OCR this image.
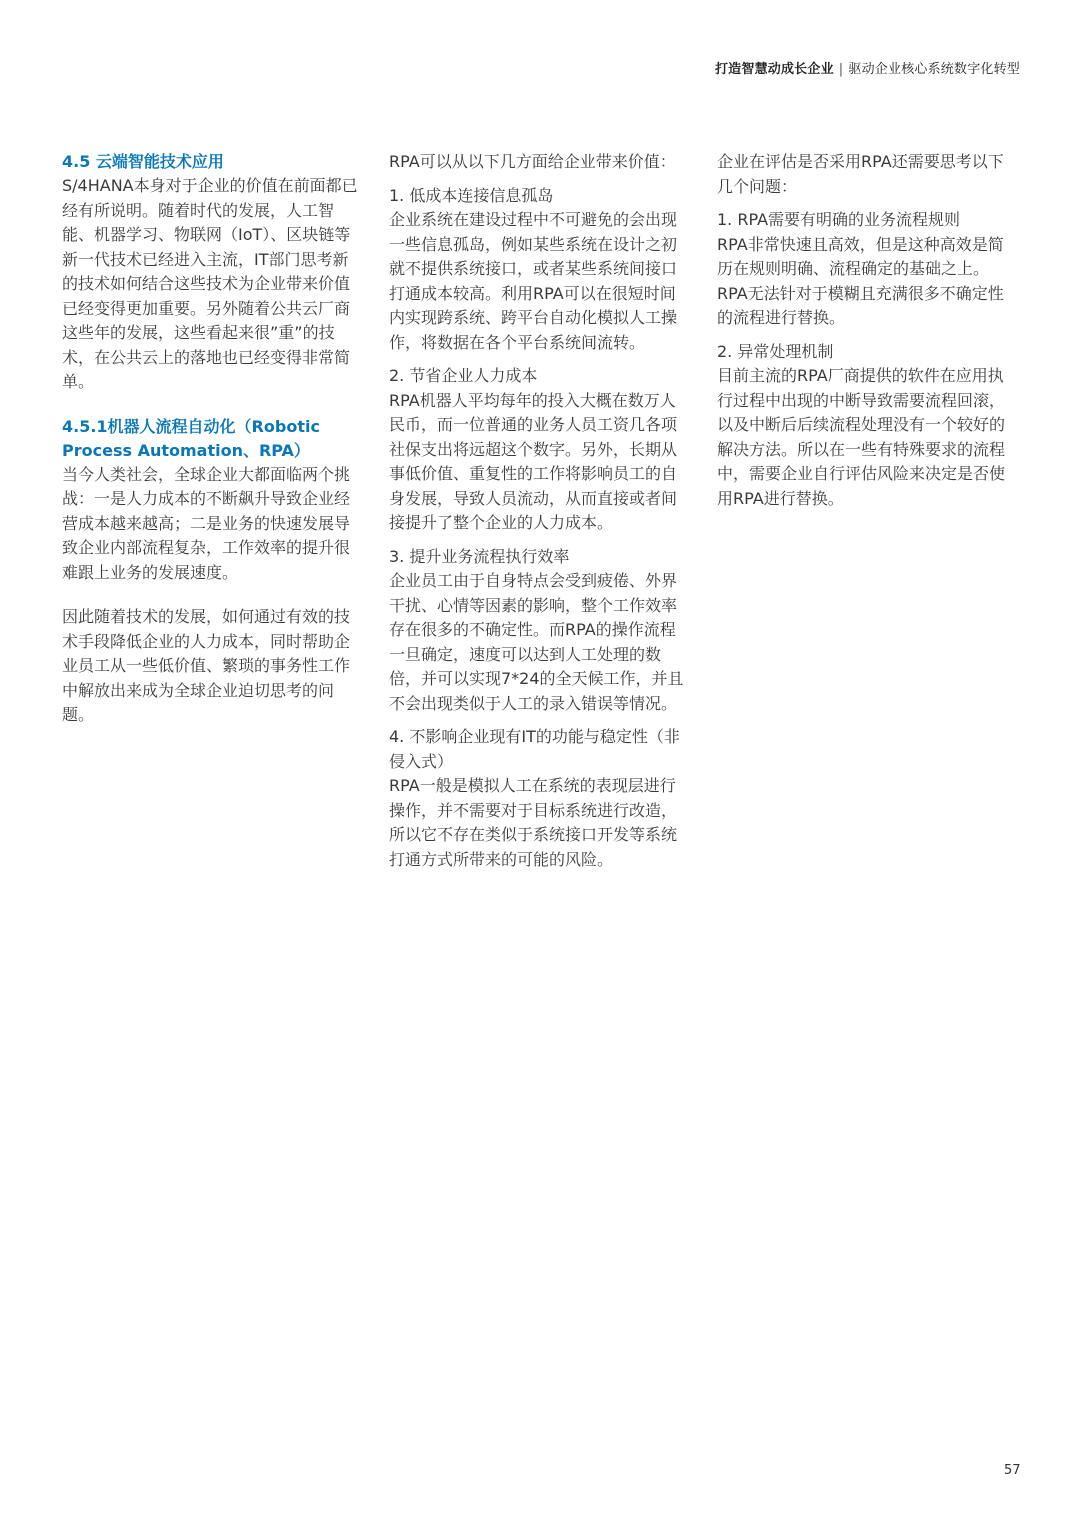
打造智慧动成长企业 | 驱动企业核心系统数字化转型
4.5 云端智能技术应用

S/4HANA本身对于企业的价值在前面都已经有所说明。随着时代的发展，人工智能、机器学习、物联网（IoT）、区块链等新一代技术已经进入主流，IT部门思考新的技术如何结合这些技术为企业带来价值已经变得更加重要。另外随着公共云厂商这些年的发展，这些看起来很”重”的技术，在公共云上的落地也已经变得非常简单。

4.5.1机器人流程自动化（Robotic Process Automation、RPA）

当今人类社会，全球企业大都面临两个挑战：一是人力成本的不断飙升导致企业经营成本越来越高；二是业务的快速发展导致企业内部流程复杂，工作效率的提升很难跟上业务的发展速度。

因此随着技术的发展，如何通过有效的技术手段降低企业的人力成本，同时帮助企业员工从一些低价值、繁琐的事务性工作中解放出来成为全球企业迫切思考的问题。

RPA可以从以下几方面给企业带来价值：

1. 低成本连接信息孤岛

企业系统在建设过程中不可避免的会出现一些信息孤岛，例如某些系统在设计之初就不提供系统接口，或者某些系统间接口打通成本较高。利用RPA可以在很短时间内实现跨系统、跨平台自动化模拟人工操作，将数据在各个平台系统间流转。

2. 节省企业人力成本

RPA机器人平均每年的投入大概在数万人民币，而一位普通的业务人员工资几各项社保支出将远超这个数字。另外，长期从事低价值、重复性的工作将影响员工的自身发展，导致人员流动，从而直接或者间接提升了整个企业的人力成本。

3. 提升业务流程执行效率

企业员工由于自身特点会受到疲倦、外界干扰、心情等因素的影响，整个工作效率存在很多的不确定性。而RPA的操作流程一旦确定，速度可以达到人工处理的数倍，并可以实现7*24的全天候工作，并且不会出现类似于人工的录入错误等情况。

4. 不影响企业现有IT的功能与稳定性（非侵入式）

RPA一般是模拟人工在系统的表现层进行操作，并不需要对于目标系统进行改造，所以它不存在类似于系统接口开发等系统打通方式所带来的可能的风险。

企业在评估是否采用RPA还需要思考以下几个问题：

1. RPA需要有明确的业务流程规则

RPA非常快速且高效，但是这种高效是简历在规则明确、流程确定的基础之上。RPA无法针对于模糊且充满很多不确定性的流程进行替换。

2. 异常处理机制

目前主流的RPA厂商提供的软件在应用执行过程中出现的中断导致需要流程回滚，以及中断后后续流程处理没有一个较好的解决方法。所以在一些有特殊要求的流程中，需要企业自行评估风险来决定是否使用RPA进行替换。

57
